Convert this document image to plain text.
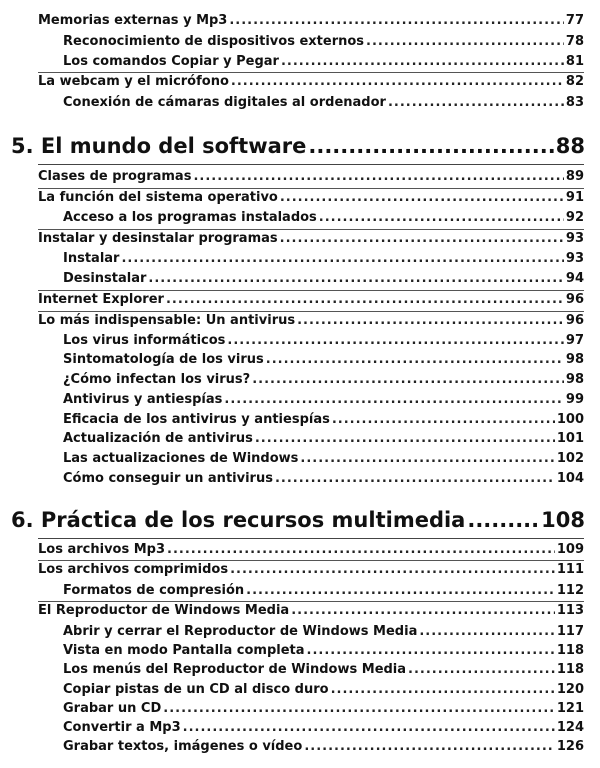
Memorias externas y Mp3 .....	77
Reconocimiento de dispositivos externos .....	78
Los comandos Copiar y Pegar .....	81
La webcam y el micrófono .....	82
Conexión de cámaras digitales al ordenador .....	83
5. El mundo del software .....	88
Clases de programas .....	89
La función del sistema operativo .....	91
Acceso a los programas instalados .....	92
Instalar y desinstalar programas .....	93
Instalar .....	93
Desinstalar .....	94
Internet Explorer .....	96
Lo más indispensable: Un antivirus .....	96
Los virus informáticos .....	97
Sintomatología de los virus .....	98
¿Cómo infectan los virus? .....	98
Antivirus y antiespías .....	99
Eficacia de los antivirus y antiespías .....	100
Actualización de antivirus .....	101
Las actualizaciones de Windows .....	102
Cómo conseguir un antivirus .....	104
6. Práctica de los recursos multimedia .....	108
Los archivos Mp3 .....	109
Los archivos comprimidos .....	111
Formatos de compresión .....	112
El Reproductor de Windows Media .....	113
Abrir y cerrar el Reproductor de Windows Media .....	117
Vista en modo Pantalla completa .....	118
Los menús del Reproductor de Windows Media .....	118
Copiar pistas de un CD al disco duro .....	120
Grabar un CD .....	121
Convertir a Mp3 .....	124
Grabar textos, imágenes o vídeo .....	126
